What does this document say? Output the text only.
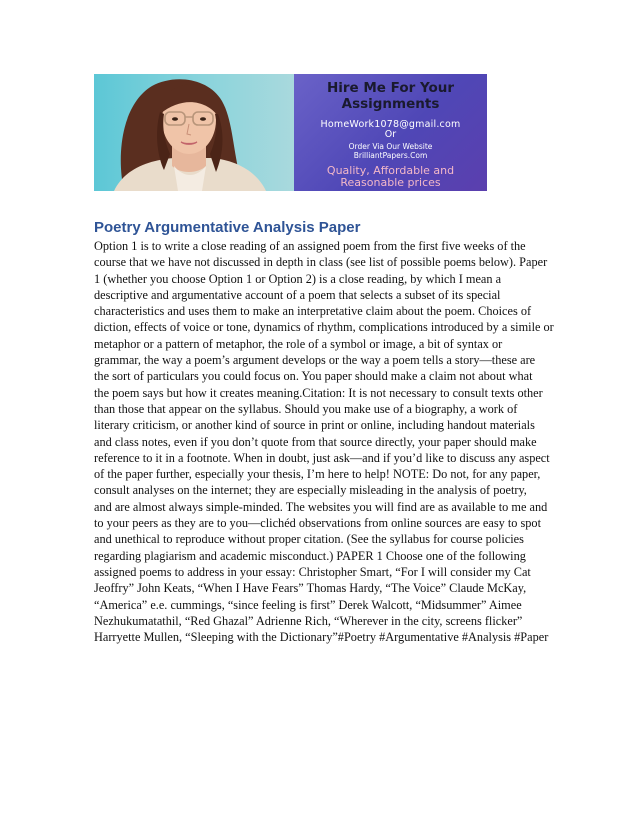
Hire Me For Your
Assignments
HomeWork1078@gmail.com
Or
Order Via Our Website
BrilliantPapers.Com
Quality, Affordable and
Reasonable prices
Poetry Argumentative Analysis Paper
Option 1 is to write a close reading of an assigned poem from the first five weeks of the
course that we have not discussed in depth in class (see list of possible poems below). Paper
1 (whether you choose Option 1 or Option 2) is a close reading, by which I mean a
descriptive and argumentative account of a poem that selects a subset of its special
characteristics and uses them to make an interpretative claim about the poem. Choices of
diction, effects of voice or tone, dynamics of rhythm, complications introduced by a simile or
metaphor or a pattern of metaphor, the role of a symbol or image, a bit of syntax or
grammar, the way a poem’s argument develops or the way a poem tells a story—these are
the sort of particulars you could focus on. You paper should make a claim not about what
the poem says but how it creates meaning.Citation: It is not necessary to consult texts other
than those that appear on the syllabus. Should you make use of a biography, a work of
literary criticism, or another kind of source in print or online, including handout materials
and class notes, even if you don’t quote from that source directly, your paper should make
reference to it in a footnote. When in doubt, just ask—and if you’d like to discuss any aspect
of the paper further, especially your thesis, I’m here to help! NOTE: Do not, for any paper,
consult analyses on the internet; they are especially misleading in the analysis of poetry,
and are almost always simple-minded. The websites you will find are as available to me and
to your peers as they are to you—clichéd observations from online sources are easy to spot
and unethical to reproduce without proper citation. (See the syllabus for course policies
regarding plagiarism and academic misconduct.) PAPER 1 Choose one of the following
assigned poems to address in your essay: Christopher Smart, “For I will consider my Cat
Jeoffry” John Keats, “When I Have Fears” Thomas Hardy, “The Voice” Claude McKay,
“America” e.e. cummings, “since feeling is first” Derek Walcott, “Midsummer” Aimee
Nezhukumatathil, “Red Ghazal” Adrienne Rich, “Wherever in the city, screens flicker”
Harryette Mullen, “Sleeping with the Dictionary”#Poetry #Argumentative #Analysis #Paper
